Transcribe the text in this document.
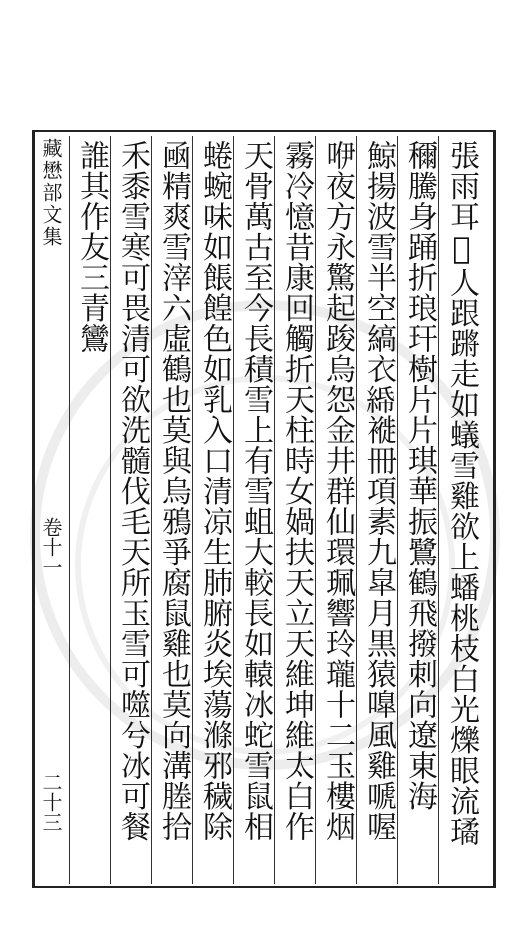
藏懋部文集
卷十一
二十三	張雨耳𦕂人跟蹡走如蟻雪雞欲上蟠桃枝白光爍眼流璚
穪騰身踊折琅玕樹片片琪華振鷺鶴飛撥刺向遼東海
鯨揚波雪半空縞衣𦀦褷冊項素九皐月黒猿嘷風雞嗁喔
咿夜方永驚起踆烏怨金井群仙環珮響玲瓏十二玉樓烟
霧冷憶昔康回觸折天柱時女媧扶天立天維坤維太白作
天骨萬古至今長積雪上有雪蛆大較長如轅冰蛇雪鼠相
蜷蜿味如餦餭色如乳入口清凉生肺腑炎埃蕩滌邪穢除
凾精爽雪滓六虛鶴也莫與烏鴉爭腐鼠雞也莫向溝塍拾
禾黍雪寒可畏清可欲洗髓伐毛天所玉雪可噬兮冰可餐
誰其作友三青鸞
